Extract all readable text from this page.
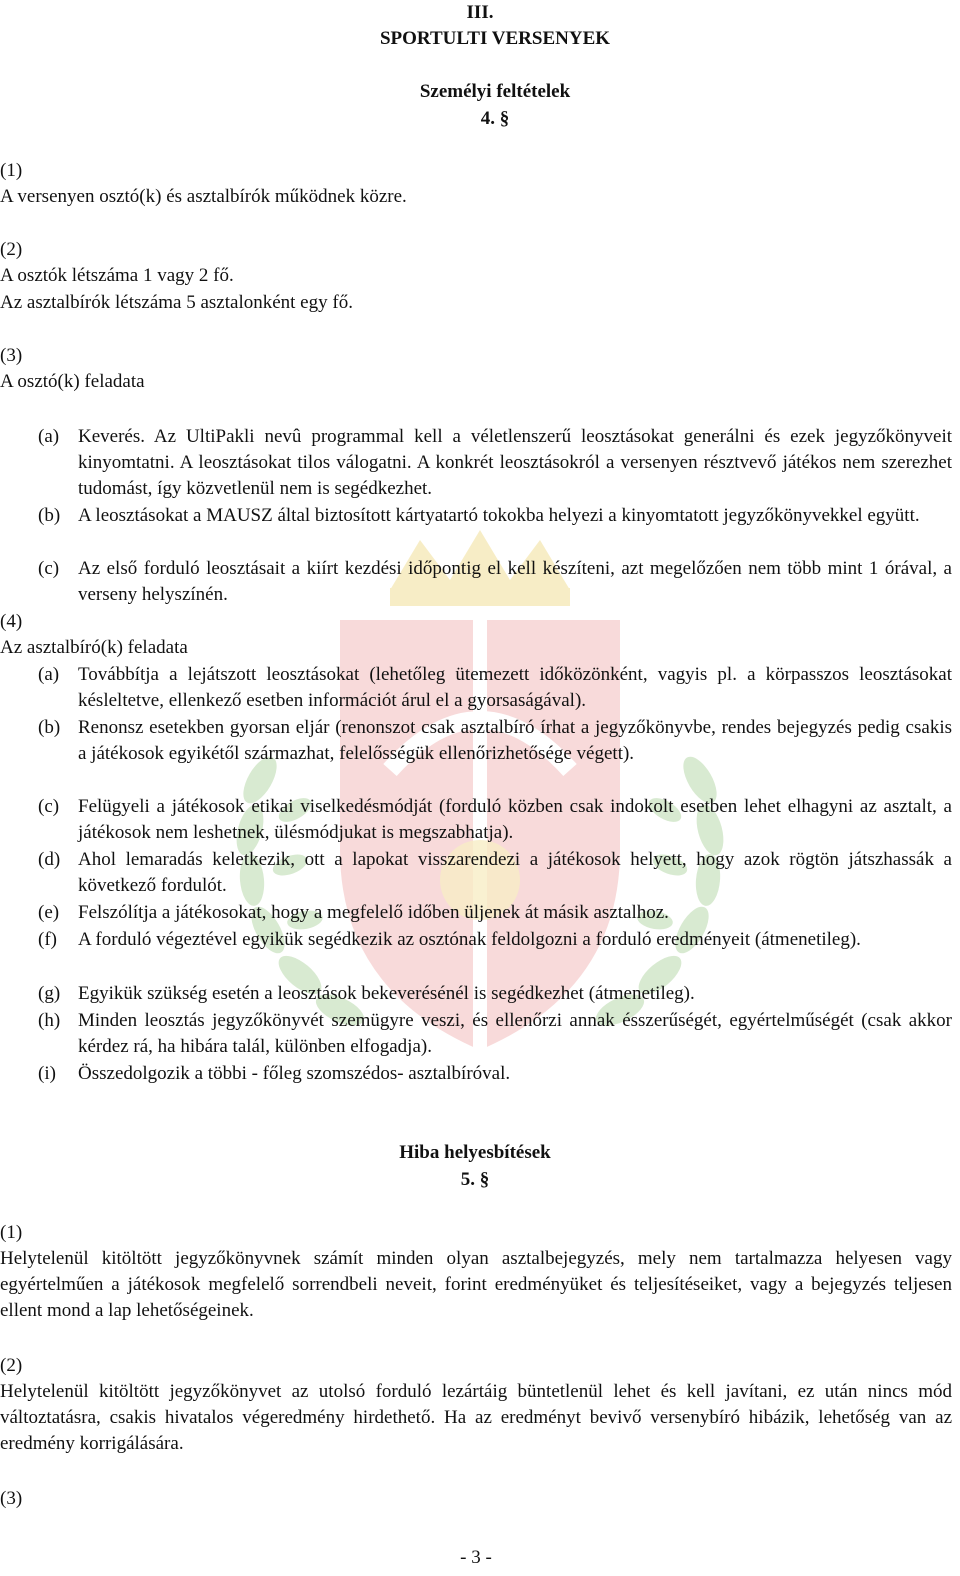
III.
SPORTULTI VERSENYEK
Személyi feltételek
4. §
(1)
A versenyen osztó(k) és asztalbírók működnek közre.
(2)
A osztók létszáma 1 vagy 2 fő.
Az asztalbírók létszáma 5 asztalonként egy fő.
(3)
A osztó(k) feladata
(a) Keverés. Az UltiPakli nevû programmal kell a véletlenszerű leosztásokat generálni és ezek jegyzőkönyveit kinyomtatni. A leosztásokat tilos válogatni. A konkrét leosztásokról a versenyen résztvevő játékos nem szerezhet tudomást, így közvetlenül nem is segédkezhet.
(b) A leosztásokat a MAUSZ által biztosított kártyatartó tokokba helyezi a kinyomtatott jegyzőkönyvekkel együtt.
(c) Az első forduló leosztásait a kiírt kezdési időpontig el kell készíteni, azt megelőzően nem több mint 1 órával, a verseny helyszínén.
(4)
Az asztalbíró(k) feladata
(a) Továbbítja a lejátszott leosztásokat (lehetőleg ütemezett időközönként, vagyis pl. a körpasszos leosztásokat késleltetve, ellenkező esetben információt árul el a gyorsaságával).
(b) Renonsz esetekben gyorsan eljár (renonszot csak asztalbíró írhat a jegyzőkönyvbe, rendes bejegyzés pedig csakis a játékosok egyikétől származhat, felelősségük ellenőrizhetősége végett).
(c) Felügyeli a játékosok etikai viselkedésmódját (forduló közben csak indokolt esetben lehet elhagyni az asztalt, a játékosok nem leshetnek, ülésmódjukat is megszabhatja).
(d) Ahol lemaradás keletkezik, ott a lapokat visszarendezi a játékosok helyett, hogy azok rögtön játszhassák a következő fordulót.
(e) Felszólítja a játékosokat, hogy a megfelelő időben üljenek át másik asztalhoz.
(f) A forduló végeztével egyikük segédkezik az osztónak feldolgozni a forduló eredményeit (átmenetileg).
(g) Egyikük szükség esetén a leosztások bekeverésénél is segédkezhet (átmenetileg).
(h) Minden leosztás jegyzőkönyvét szemügyre veszi, és ellenőrzi annak ésszerűségét, egyértelműségét (csak akkor kérdez rá, ha hibára talál, különben elfogadja).
(i) Összedolgozik a többi - főleg szomszédos- asztalbíróval.
Hiba helyesbítések
5. §
(1)
Helytelenül kitöltött jegyzőkönyvnek számít minden olyan asztalbejegyzés, mely nem tartalmazza helyesen vagy egyértelműen a játékosok megfelelő sorrendbeli neveit, forint eredményüket és teljesítéseiket, vagy a bejegyzés teljesen ellent mond a lap lehetőségeinek.
(2)
Helytelenül kitöltött jegyzőkönyvet az utolsó forduló lezártáig büntetlenül lehet és kell javítani, ez után nincs mód változtatásra, csakis hivatalos végeredmény hirdethető. Ha az eredményt bevivő versenybíró hibázik, lehetőség van az eredmény korrigálására.
(3)
- 3 -
